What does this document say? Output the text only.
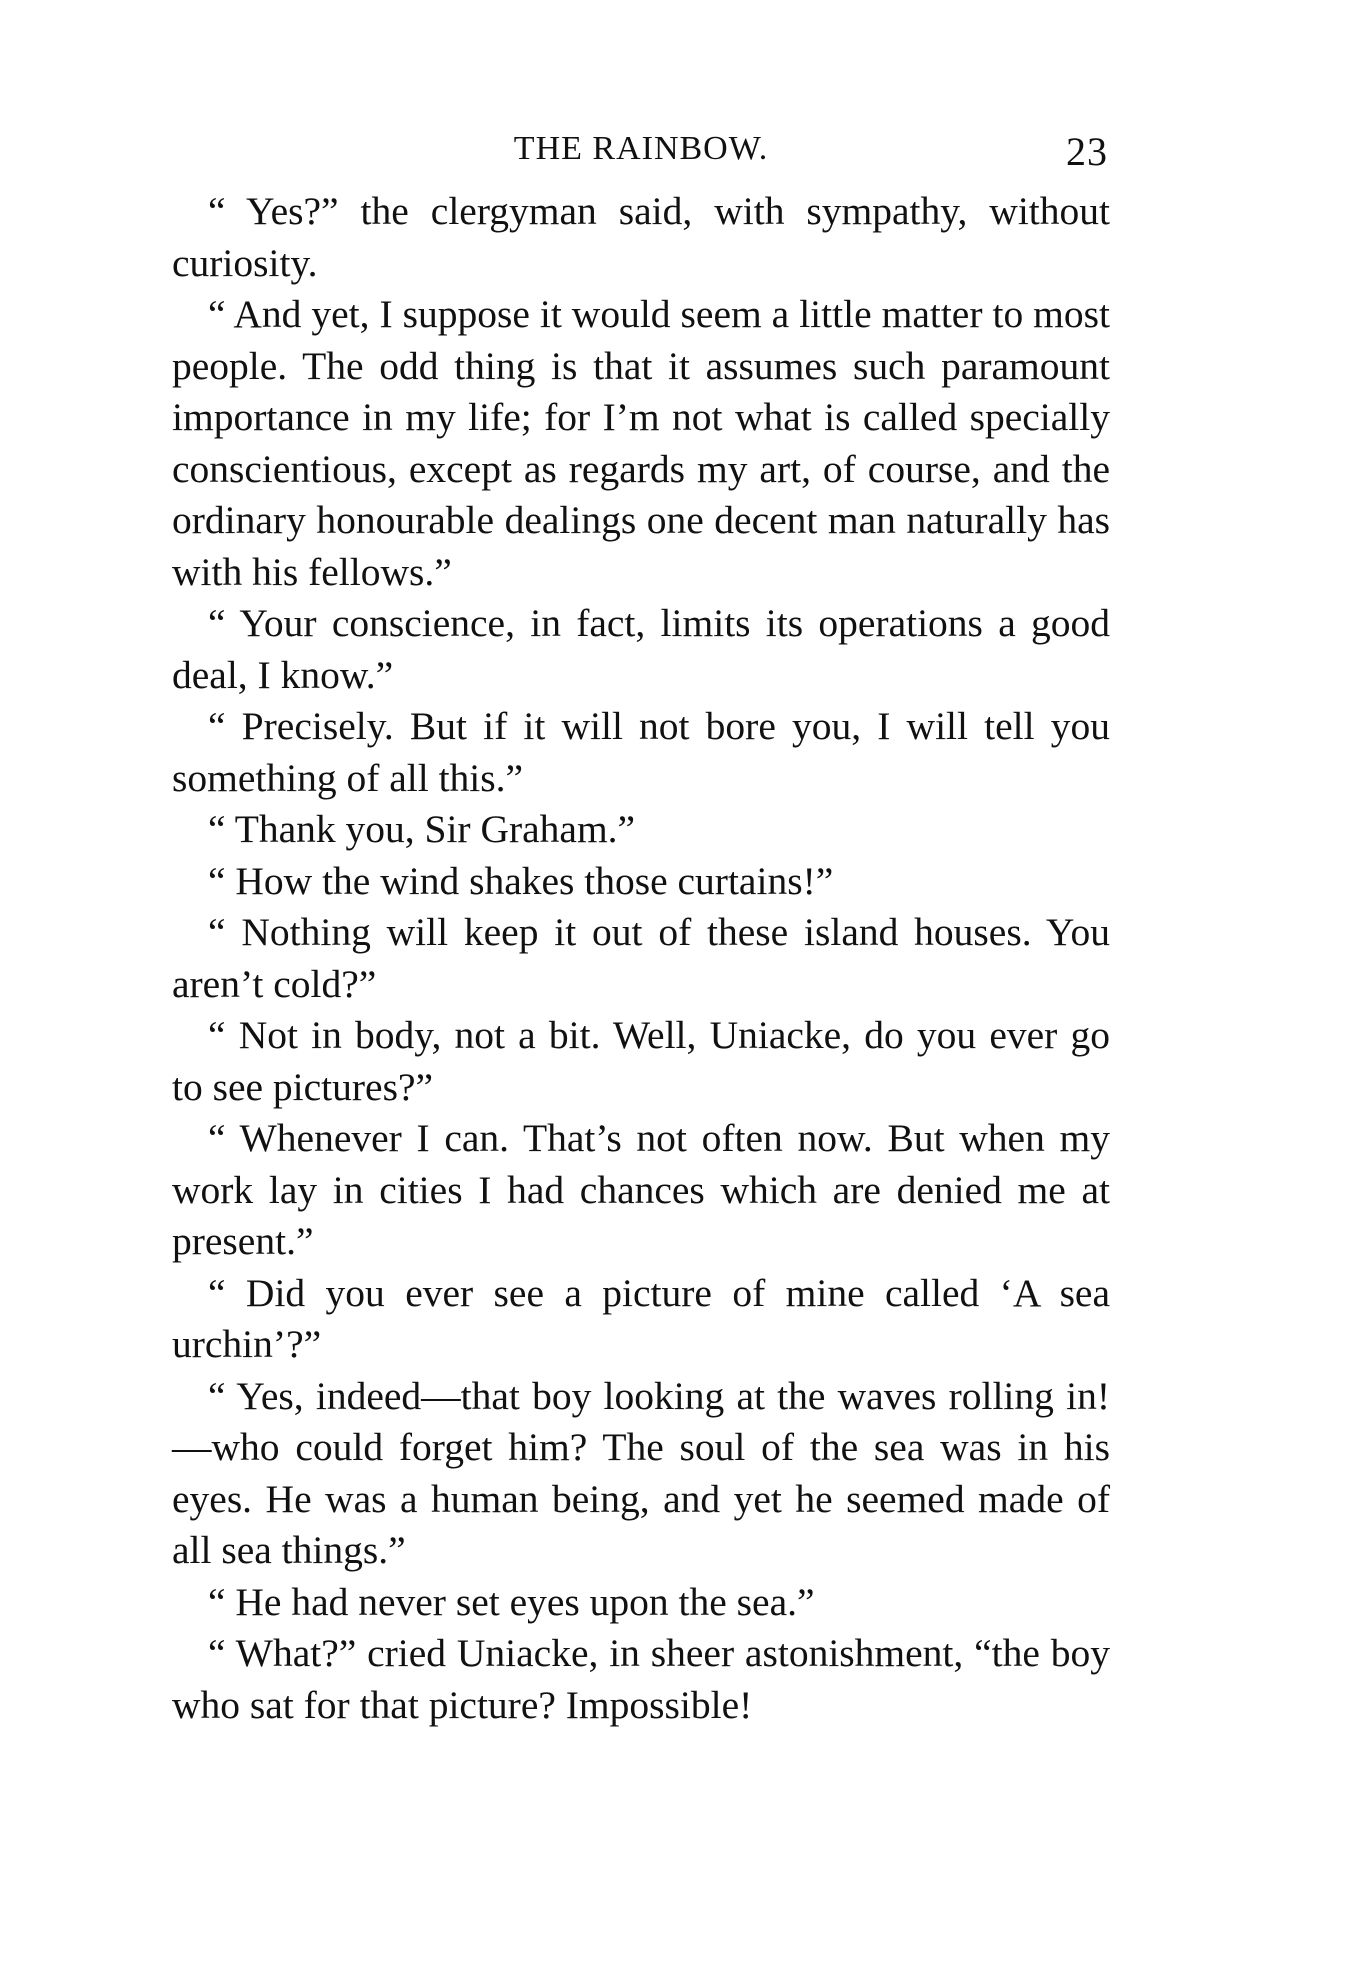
THE RAINBOW.	23

“ Yes?” the clergyman said, with sympathy, without curiosity.

“ And yet, I suppose it would seem a little matter to most people. The odd thing is that it assumes such paramount importance in my life; for I’m not what is called specially conscientious, except as regards my art, of course, and the ordinary honourable dealings one decent man naturally has with his fellows.”

“ Your conscience, in fact, limits its operations a good deal, I know.”

“ Precisely. But if it will not bore you, I will tell you something of all this.”

“ Thank you, Sir Graham.”

“ How the wind shakes those curtains!”

“ Nothing will keep it out of these island houses. You aren’t cold?”

“ Not in body, not a bit. Well, Uniacke, do you ever go to see pictures?”

“ Whenever I can. That’s not often now. But when my work lay in cities I had chances which are denied me at present.”

“ Did you ever see a picture of mine called ‘A sea urchin’?”

“ Yes, indeed—that boy looking at the waves rolling in!—who could forget him? The soul of the sea was in his eyes. He was a human being, and yet he seemed made of all sea things.”

“ He had never set eyes upon the sea.”

“ What?” cried Uniacke, in sheer astonishment, “the boy who sat for that picture? Impossible!
